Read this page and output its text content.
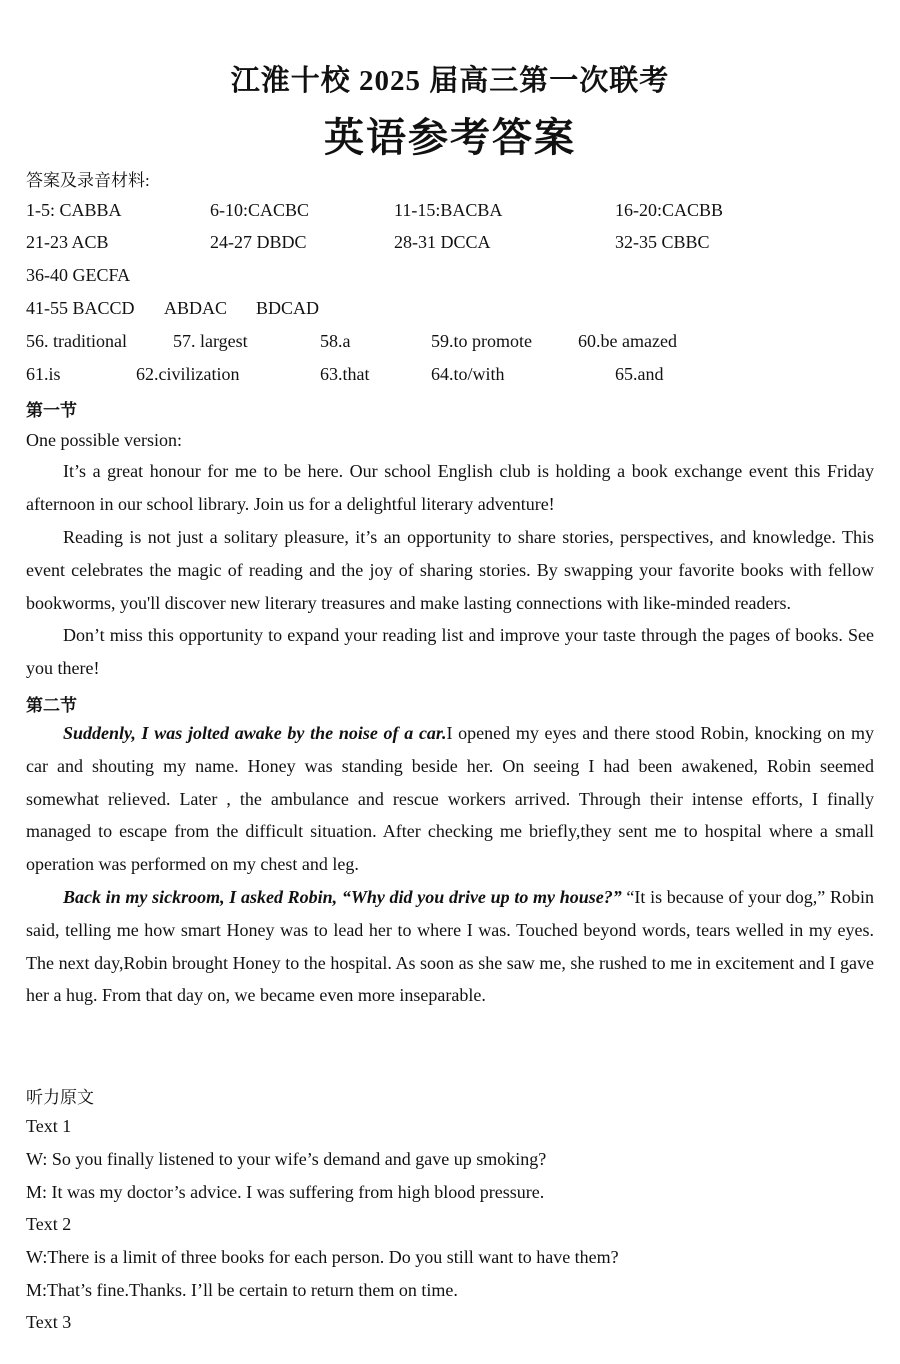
江淮十校 2025 届高三第一次联考
英语参考答案
答案及录音材料:
1-5: CABBA	6-10:CACBC	11-15:BACBA	16-20:CACBB
21-23 ACB	24-27 DBDC	28-31 DCCA	32-35 CBBC
36-40 GECFA
41-55 BACCD ABDAC BDCAD
56. traditional	57. largest	58.a	59.to promote	60.be amazed
61.is	62.civilization	63.that	64.to/with	65.and
第一节
One possible version:
It’s a great honour for me to be here. Our school English club is holding a book exchange event this Friday afternoon in our school library. Join us for a delightful literary adventure!
Reading is not just a solitary pleasure, it’s an opportunity to share stories, perspectives, and knowledge. This event celebrates the magic of reading and the joy of sharing stories. By swapping your favorite books with fellow bookworms, you'll discover new literary treasures and make lasting connections with like-minded readers.
Don’t miss this opportunity to expand your reading list and improve your taste through the pages of books. See you there!
第二节
Suddenly, I was jolted awake by the noise of a car.I opened my eyes and there stood Robin, knocking on my car and shouting my name. Honey was standing beside her. On seeing I had been awakened, Robin seemed somewhat relieved. Later , the ambulance and rescue workers arrived. Through their intense efforts, I finally managed to escape from the difficult situation. After checking me briefly,they sent me to hospital where a small operation was performed on my chest and leg.
Back in my sickroom, I asked Robin, “Why did you drive up to my house?” “It is because of your dog,” Robin said, telling me how smart Honey was to lead her to where I was. Touched beyond words, tears welled in my eyes. The next day,Robin brought Honey to the hospital. As soon as she saw me, she rushed to me in excitement and I gave her a hug. From that day on, we became even more inseparable.
听力原文
Text 1
W: So you finally listened to your wife’s demand and gave up smoking?
M: It was my doctor’s advice. I was suffering from high blood pressure.
Text 2
W:There is a limit of three books for each person. Do you still want to have them?
M:That’s fine.Thanks. I’ll be certain to return them on time.
Text 3
